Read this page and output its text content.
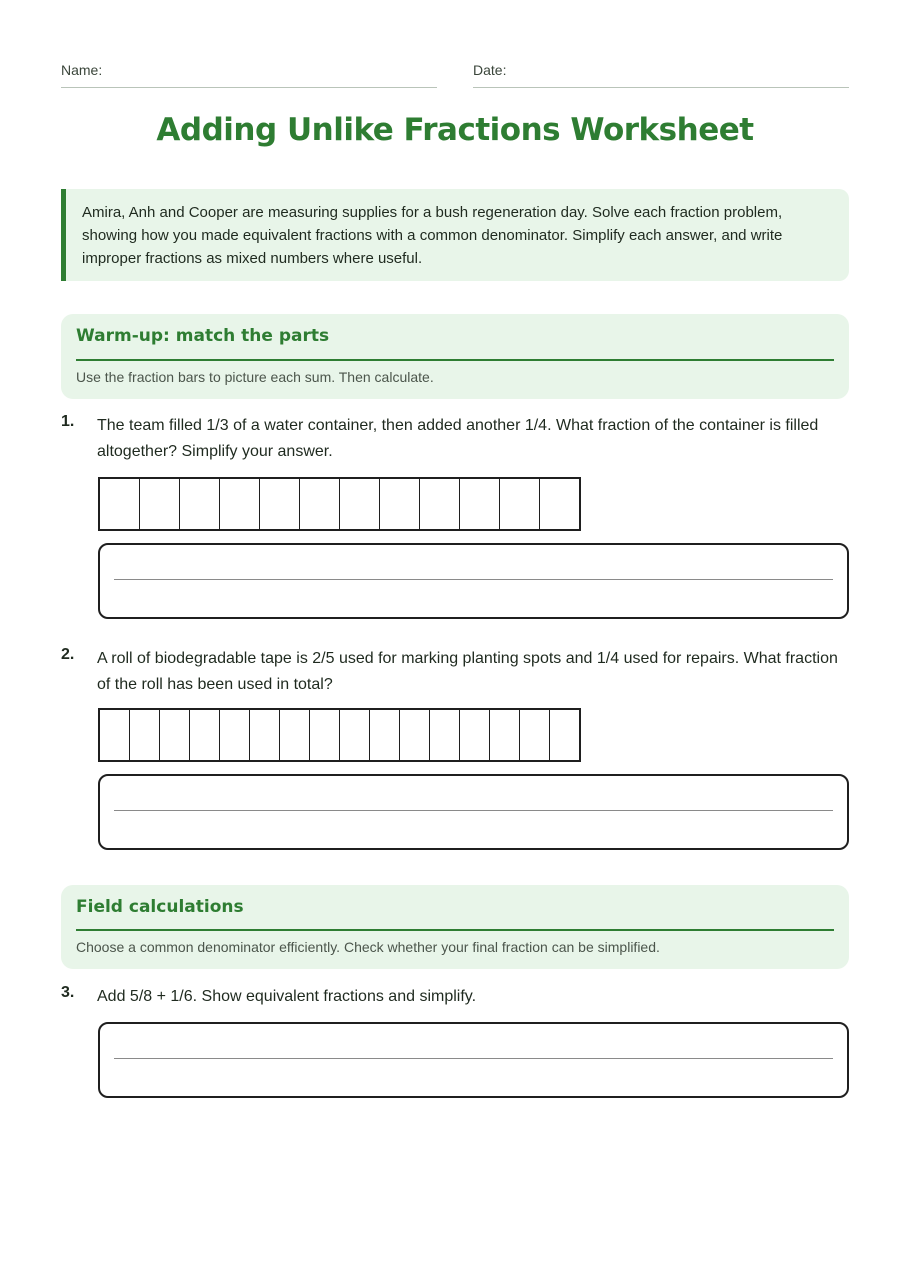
Name:	Date:
Adding Unlike Fractions Worksheet
Amira, Anh and Cooper are measuring supplies for a bush regeneration day. Solve each fraction problem, showing how you made equivalent fractions with a common denominator. Simplify each answer, and write improper fractions as mixed numbers where useful.
Warm-up: match the parts
Use the fraction bars to picture each sum. Then calculate.
1. The team filled 1/3 of a water container, then added another 1/4. What fraction of the container is filled altogether? Simplify your answer.
2. A roll of biodegradable tape is 2/5 used for marking planting spots and 1/4 used for repairs. What fraction of the roll has been used in total?
Field calculations
Choose a common denominator efficiently. Check whether your final fraction can be simplified.
3. Add 5/8 + 1/6. Show equivalent fractions and simplify.
